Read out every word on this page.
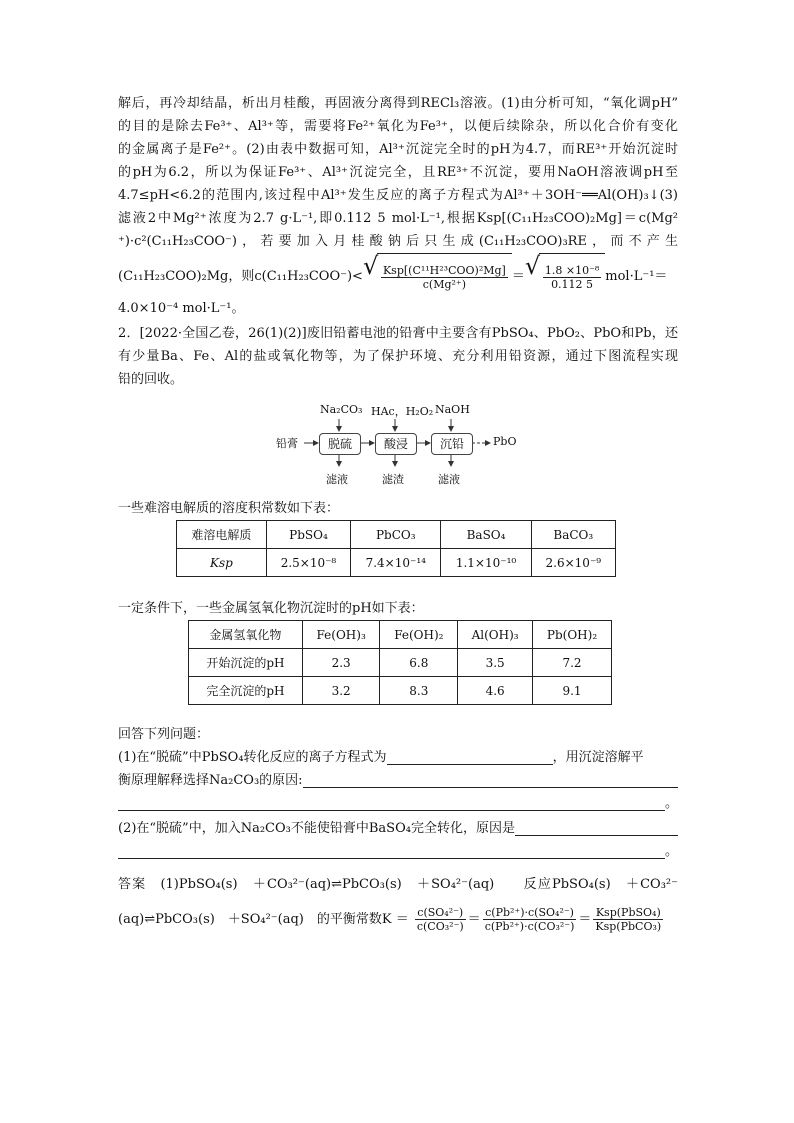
解后，再冷却结晶，析出月桂酸，再固液分离得到RECl₃溶液。(1)由分析可知，“氧化调pH”
的目的是除去Fe³⁺、Al³⁺等，需要将Fe²⁺氧化为Fe³⁺，以便后续除杂，所以化合价有变化
的金属离子是Fe²⁺。(2)由表中数据可知，Al³⁺沉淀完全时的pH为4.7，而RE³⁺开始沉淀时
的pH为6.2，所以为保证Fe³⁺、Al³⁺沉淀完全，且RE³⁺不沉淀，要用NaOH溶液调pH至
4.7≤pH<6.2的范围内,该过程中Al³⁺发生反应的离子方程式为Al³⁺＋3OH⁻══Al(OH)₃↓(3)
滤液2中Mg²⁺浓度为2.7 g·L⁻¹,即0.112 5 mol·L⁻¹,根据Ksp[(C₁₁H₂₃COO)₂Mg]＝c(Mg²
⁺)·c²(C₁₁H₂₃COO⁻)，若要加入月桂酸钠后只生成(C₁₁H₂₃COO)₃RE，而不产生
(C₁₁H₂₃COO)₂Mg，则c(C₁₁H₂₃COO⁻)< √ $\frac{\text{Ksp[(C¹¹H²³COO)²Mg]}}{\text{c(Mg²⁺)}}$ ＝ √ $\frac{\text{1.8 ×10⁻⁸}}{0.112 5} mol\cdot L^{-1}=$
4.0×10⁻⁴ mol·L⁻¹。
2．[2022·全国乙卷，26(1)(2)]废旧铅蓄电池的铅膏中主要含有PbSO₄、PbO₂、PbO和Pb，还
有少量Ba、Fe、Al的盐或氧化物等，为了保护环境、充分利用铅资源，通过下图流程实现
铅的回收。
铅膏	脱硫	酸浸	沉铅	PbO
Na₂CO₃ HAc，H₂O₂ NaOH
滤液	滤渣	滤液
一些难溶电解质的溶度积常数如下表：
难溶电解质	PbSO₄	PbCO₃	BaSO₄	BaCO₃
Ksp	2.5×10⁻⁸	7.4×10⁻¹⁴	1.1×10⁻¹⁰	2.6×10⁻⁹
一定条件下，一些金属氢氧化物沉淀时的pH如下表：
金属氢氧化物	Fe(OH)₃	Fe(OH)₂	Al(OH)₃	Pb(OH)₂
开始沉淀的pH	2.3	6.8	3.5	7.2
完全沉淀的pH	3.2	8.3	4.6	9.1
回答下列问题：
(1)在“脱硫”中PbSO₄转化反应的离子方程式为	，用沉淀溶解平
衡原理解释选择Na₂CO₃的原因:
。
(2)在“脱硫”中，加入Na₂CO₃不能使铅膏中BaSO₄完全转化，原因是
。
答案　(1)PbSO₄(s)　＋CO₃²⁻(aq)⇌PbCO₃(s)　＋SO₄²⁻(aq)　　反应PbSO₄(s)　＋CO₃²⁻
(aq)⇌PbCO₃(s)　＋SO₄²⁻(aq)　的平衡常数$K = \frac{\text{c(SO₄²⁻)}}{\text{c(CO₃²⁻)}} = \frac{\text{c(Pb²⁺)·c(SO₄²⁻)}}{\text{c(Pb²⁺)·c(CO₃²⁻)}} = \frac{\text{Ksp(PbSO₄)}}{\text{Ksp(PbCO₃)}}$
